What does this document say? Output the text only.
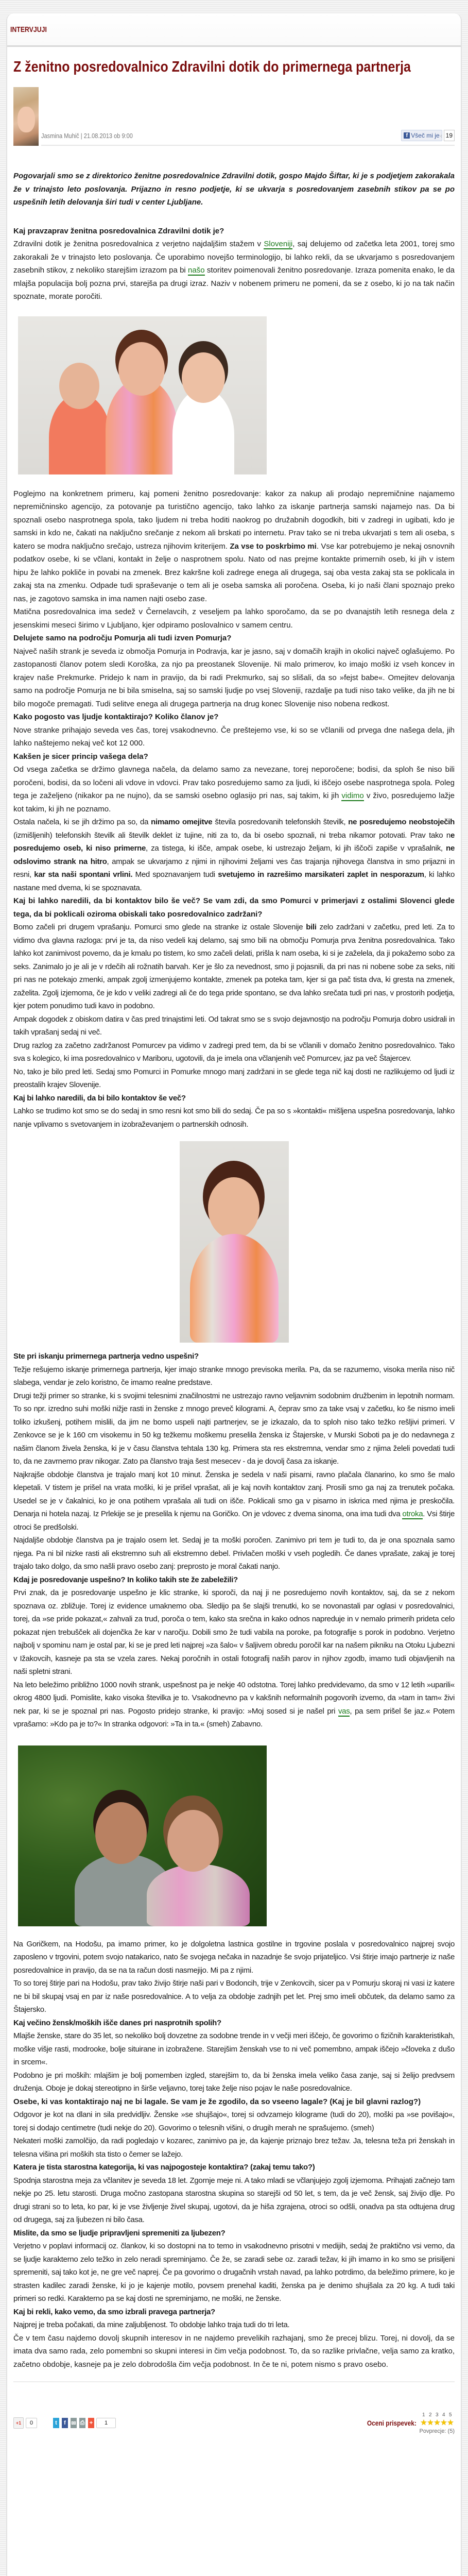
INTERVJUJI
Z ženitno posredovalnico Zdravilni dotik do primernega partnerja
Jasmina Muhič | 21.08.2013 ob 9:00	f Všeč mi je	‹ 19

Pogovarjali smo se z direktorico ženitne posredovalnice Zdravilni dotik, gospo Majdo Šiftar, ki je s podjetjem zakorakala že v trinajsto leto poslovanja. Prijazno in resno podjetje, ki se ukvarja s posredovanjem zasebnih stikov pa se po uspešnih letih delovanja širi tudi v center Ljubljane.

Kaj pravzaprav ženitna posredovalnica Zdravilni dotik je?

Zdravilni dotik je ženitna posredovalnica z verjetno najdaljšim stažem v Sloveniji, saj delujemo od začetka leta 2001, torej smo zakorakali že v trinajsto leto poslovanja. Če uporabimo novejšo terminologijo, bi lahko rekli, da se ukvarjamo s posredovanjem zasebnih stikov, z nekoliko starejšim izrazom pa bi našo storitev poimenovali ženitno posredovanje. Izraza pomenita enako, le da mlajša populacija bolj pozna prvi, starejša pa drugi izraz. Naziv v nobenem primeru ne pomeni, da se z osebo, ki jo na tak način spoznate, morate poročiti.

Poglejmo na konkretnem primeru, kaj pomeni ženitno posredovanje: kakor za nakup ali prodajo nepremičnine najamemo nepremičninsko agencijo, za potovanje pa turistično agencijo, tako lahko za iskanje partnerja samski najamejo nas. Da bi spoznali osebo nasprotnega spola, tako ljudem ni treba hoditi naokrog po družabnih dogodkih, biti v zadregi in ugibati, kdo je samski in kdo ne, čakati na naključno srečanje z nekom ali brskati po internetu. Prav tako se ni treba ukvarjati s tem ali oseba, s katero se modra naključno srečajo, ustreza njihovim kriterijem. Za vse to poskrbimo mi. Vse kar potrebujemo je nekaj osnovnih podatkov osebe, ki se včlani, kontakt in želje o nasprotnem spolu. Nato od nas prejme kontakte primernih oseb, ki jih v istem hipu že lahko pokliče in povabi na zmenek. Brez kakršne koli zadrege enega ali drugega, saj oba vesta zakaj sta se poklicala in zakaj sta na zmenku. Odpade tudi spraševanje o tem ali je oseba samska ali poročena. Oseba, ki jo naši člani spoznajo preko nas, je zagotovo samska in ima namen najti osebo zase.

Matična posredovalnica ima sedež v Černelavcih, z veseljem pa lahko sporočamo, da se po dvanajstih letih resnega dela z jesenskimi meseci širimo v Ljubljano, kjer odpiramo poslovalnico v samem centru.

Delujete samo na področju Pomurja ali tudi izven Pomurja?

Največ naših strank je seveda iz območja Pomurja in Podravja, kar je jasno, saj v domačih krajih in okolici največ oglašujemo. Po zastopanosti članov potem sledi Koroška, za njo pa preostanek Slovenije. Ni malo primerov, ko imajo moški iz vseh koncev in krajev naše Prekmurke. Pridejo k nam in pravijo, da bi radi Prekmurko, saj so slišali, da so »fejst babe«. Omejitev delovanja samo na področje Pomurja ne bi bila smiselna, saj so samski ljudje po vsej Sloveniji, razdalje pa tudi niso tako velike, da jih ne bi bilo mogoče premagati. Tudi selitve enega ali drugega partnerja na drug konec Slovenije niso nobena redkost.

Kako pogosto vas ljudje kontaktirajo? Koliko članov je?

Nove stranke prihajajo seveda ves čas, torej vsakodnevno. Če preštejemo vse, ki so se včlanili od prvega dne našega dela, jih lahko naštejemo nekaj več kot 12 000.

Kakšen je sicer princip vašega dela?

Od vsega začetka se držimo glavnega načela, da delamo samo za nevezane, torej neporočene; bodisi, da sploh še niso bili poročeni, bodisi, da so ločeni ali vdove in vdovci. Prav tako posredujemo samo za ljudi, ki iščejo osebe nasprotnega spola. Poleg tega je zaželjeno (nikakor pa ne nujno), da se samski osebno oglasijo pri nas, saj takim, ki jih vidimo v živo, posredujemo lažje kot takim, ki jih ne poznamo.

Ostala načela, ki se jih držimo pa so, da nimamo omejitve števila posredovanih telefonskih številk, ne posredujemo neobstoječih (izmišljenih) telefonskih številk ali številk deklet iz tujine, niti za to, da bi osebo spoznali, ni treba nikamor potovati. Prav tako ne posredujemo oseb, ki niso primerne, za tistega, ki išče, ampak osebe, ki ustrezajo željam, ki jih iščoči zapiše v vprašalnik, ne odslovimo strank na hitro, ampak se ukvarjamo z njimi in njihovimi željami ves čas trajanja njihovega članstva in smo prijazni in resni, kar sta naši spontani vrlini. Med spoznavanjem tudi svetujemo in razrešimo marsikateri zaplet in nesporazum, ki lahko nastane med dvema, ki se spoznavata.

Kaj bi lahko naredili, da bi kontaktov bilo še več? Se vam zdi, da smo Pomurci v primerjavi z ostalimi Slovenci glede tega, da bi poklicali oziroma obiskali tako posredovalnico zadržani?

Bomo začeli pri drugem vprašanju. Pomurci smo glede na stranke iz ostale Slovenije bili zelo zadržani v začetku, pred leti. Za to vidimo dva glavna razloga: prvi je ta, da niso vedeli kaj delamo, saj smo bili na območju Pomurja prva ženitna posredovalnica. Tako lahko kot zanimivost povemo, da je kmalu po tistem, ko smo začeli delati, prišla k nam oseba, ki si je zaželela, da ji pokažemo sobo za seks. Zanimalo jo je ali je v rdečih ali rožnatih barvah. Ker je šlo za nevednost, smo ji pojasnili, da pri nas ni nobene sobe za seks, niti pri nas ne potekajo zmenki, ampak zgolj izmenjujemo kontakte, zmenek pa poteka tam, kjer si ga pač tista dva, ki gresta na zmenek, zaželita. Zgolj izjemoma, če je kdo v veliki zadregi ali če do tega pride spontano, se dva lahko srečata tudi pri nas, v prostorih podjetja, kjer potem ponudimo tudi kavo in podobno.

Ampak dogodek z obiskom datira v čas pred trinajstimi leti. Od takrat smo se s svojo dejavnostjo na področju Pomurja dobro usidrali in takih vprašanj sedaj ni več.

Drug razlog za začetno zadržanost Pomurcev pa vidimo v zadregi pred tem, da bi se včlanili v domačo ženitno posredovalnico. Tako sva s kolegico, ki ima posredovalnico v Mariboru, ugotovili, da je imela ona včlanjenih več Pomurcev, jaz pa več Štajercev.

No, tako je bilo pred leti. Sedaj smo Pomurci in Pomurke mnogo manj zadržani in se glede tega nič kaj dosti ne razlikujemo od ljudi iz preostalih krajev Slovenije.

Kaj bi lahko naredili, da bi bilo kontaktov še več?

Lahko se trudimo kot smo se do sedaj in smo resni kot smo bili do sedaj. Če pa so s »kontakti« mišljena uspešna posredovanja, lahko nanje vplivamo s svetovanjem in izobraževanjem o partnerskih odnosih.

Ste pri iskanju primernega partnerja vedno uspešni?

Težje rešujemo iskanje primernega partnerja, kjer imajo stranke mnogo previsoka merila. Pa, da se razumemo, visoka merila niso nič slabega, vendar je zelo koristno, če imamo realne predstave.

Drugi težji primer so stranke, ki s svojimi telesnimi značilnostmi ne ustrezajo ravno veljavnim sodobnim družbenim in lepotnih normam. To so npr. izredno suhi moški nižje rasti in ženske z mnogo preveč kilogrami. A, čeprav smo za take vsaj v začetku, ko še nismo imeli toliko izkušenj, potihem mislili, da jim ne bomo uspeli najti partnerjev, se je izkazalo, da to sploh niso tako težko rešljivi primeri. V Zenkovce se je k 160 cm visokemu in 50 kg težkemu moškemu preselila ženska iz Štajerske, v Murski Soboti pa je do nedavnega z našim članom živela ženska, ki je v času članstva tehtala 130 kg. Primera sta res ekstremna, vendar smo z njima želeli povedati tudi to, da ne zavrnemo prav nikogar. Zato pa članstvo traja šest mesecev - da je dovolj časa za iskanje.

Najkrajše obdobje članstva je trajalo manj kot 10 minut. Ženska je sedela v naši pisarni, ravno plačala članarino, ko smo še malo klepetali. V tistem je prišel na vrata moški, ki je prišel vprašat, ali je kaj novih kontaktov zanj. Prosili smo ga naj za trenutek počaka. Usedel se je v čakalnici, ko je ona potihem vprašala ali tudi on išče. Poklicali smo ga v pisarno in iskrica med njima je preskočila. Denarja ni hotela nazaj. Iz Prlekije se je preselila k njemu na Goričko. On je vdovec z dvema sinoma, ona ima tudi dva otroka. Vsi štirje otroci še predšolski.

Najdaljše obdobje članstva pa je trajalo osem let. Sedaj je ta moški poročen. Zanimivo pri tem je tudi to, da je ona spoznala samo njega. Pa ni bil nizke rasti ali ekstremno suh ali ekstremno debel. Privlačen moški v vseh pogledih. Če danes vprašate, zakaj je torej trajalo tako dolgo, da smo našli pravo osebo zanj: preprosto je moral čakati nanjo.

Kdaj je posredovanje uspešno? In koliko takih ste že zabeležili?

Prvi znak, da je posredovanje uspešno je klic stranke, ki sporoči, da naj ji ne posredujemo novih kontaktov, saj, da se z nekom spoznava oz. zbližuje. Torej iz evidence umaknemo oba. Sledijo pa še slajši trenutki, ko se novonastali par oglasi v posredovalnici, torej, da »se pride pokazat,« zahvali za trud, poroča o tem, kako sta srečna in kako odnos napreduje in v nemalo primerih prideta celo pokazat njen trebušček ali dojenčka že kar v naročju. Dobili smo že tudi vabila na poroke, pa fotografije s porok in podobno. Verjetno najbolj v spominu nam je ostal par, ki se je pred leti najprej »za šalo« v šaljivem obredu poročil kar na našem pikniku na Otoku Ljubezni v Ižakovcih, kasneje pa sta se vzela zares. Nekaj poročnih in ostali fotografij naših parov in njihov zgodb, imamo tudi objavljenih na naši spletni strani.

Na leto beležimo približno 1000 novih strank, uspešnost pa je nekje 40 odstotna. Torej lahko predvidevamo, da smo v 12 letih »uparili« okrog 4800 ljudi. Pomislite, kako visoka številka je to. Vsakodnevno pa v kakšnih neformalnih pogovorih izvemo, da »tam in tam« živi nek par, ki se je spoznal pri nas. Pogosto pridejo stranke, ki pravijo: »Moj sosed si je našel pri vas, pa sem prišel še jaz.« Potem vprašamo: »Kdo pa je to?« In stranka odgovori: »Ta in ta.« (smeh) Zabavno.

Na Goričkem, na Hodošu, pa imamo primer, ko je dolgoletna lastnica gostilne in trgovine poslala v posredovalnico najprej svojo zaposleno v trgovini, potem svojo natakarico, nato še svojega nečaka in nazadnje še svojo prijateljico. Vsi štirje imajo partnerje iz naše posredovalnice in pravijo, da se na ta račun dosti nasmejijo. Mi pa z njimi.

To so torej štirje pari na Hodošu, prav tako živijo štirje naši pari v Bodoncih, trije v Zenkovcih, sicer pa v Pomurju skoraj ni vasi iz katere ne bi bil skupaj vsaj en par iz naše posredovalnice. A to velja za obdobje zadnjih pet let. Prej smo imeli občutek, da delamo samo za Štajersko.

Kaj večino žensk/moških išče danes pri nasprotnih spolih?

Mlajše ženske, stare do 35 let, so nekoliko bolj dovzetne za sodobne trende in v večji meri iščejo, če govorimo o fizičnih karakteristikah, moške višje rasti, modrooke, bolje situirane in izobražene. Starejšim ženskah vse to ni več pomembno, ampak iščejo »človeka z dušo in srcem«.

Podobno je pri moških: mlajšim je bolj pomemben izgled, starejšim to, da bi ženska imela veliko časa zanje, saj si želijo predvsem druženja. Oboje je dokaj stereotipno in širše veljavno, torej take želje niso pojav le naše posredovalnice.

Osebe, ki vas kontaktirajo naj ne bi lagale. Se vam je že zgodilo, da so vseeno lagale? (Kaj je bil glavni razlog?)

Odgovor je kot na dlani in sila predvidljiv. Ženske »se shujšajo«, torej si odvzamejo kilograme (tudi do 20), moški pa »se povišajo«, torej si dodajo centimetre (tudi nekje do 20). Govorimo o telesnih višini, o drugih merah ne sprašujemo. (smeh)

Nekateri moški zamolčijo, da radi pogledajo v kozarec, zanimivo pa je, da kajenje priznajo brez težav. Ja, telesna teža pri ženskah in telesna višina pri moških sta tisto o čemer se lažejo.

Katera je tista starostna kategorija, ki vas najpogosteje kontaktira? (zakaj temu tako?)

Spodnja starostna meja za včlanitev je seveda 18 let. Zgornje meje ni. A tako mladi se včlanjujejo zgolj izjemoma. Prihajati začnejo tam nekje po 25. letu starosti. Druga močno zastopana starostna skupina so starejši od 50 let, s tem, da je več žensk, saj živijo dlje. Po drugi strani so to leta, ko par, ki je vse življenje živel skupaj, ugotovi, da je hiša zgrajena, otroci so odšli, onadva pa sta odtujena drug od drugega, saj za ljubezen ni bilo časa.

Mislite, da smo se ljudje pripravljeni spremeniti za ljubezen?

Verjetno v poplavi informacij oz. člankov, ki so dostopni na to temo in vsakodnevno prisotni v medijih, sedaj že praktično vsi vemo, da se ljudje karakterno zelo težko in zelo neradi spreminjamo. Če že, se zaradi sebe oz. zaradi težav, ki jih imamo in ko smo se prisiljeni spremeniti, saj tako kot je, ne gre več naprej. Če pa govorimo o drugačnih vrstah navad, pa lahko potrdimo, da beležimo primere, ko je strasten kadilec zaradi ženske, ki jo je kajenje motilo, povsem prenehal kaditi, ženska pa je denimo shujšala za 20 kg. A tudi taki primeri so redki. Karakterno pa se kaj dosti ne spreminjamo, ne moški, ne ženske.

Kaj bi rekli, kako vemo, da smo izbrali pravega partnerja?

Najprej je treba počakati, da mine zaljubljenost. To obdobje lahko traja tudi do tri leta.

Če v tem času najdemo dovolj skupnih interesov in ne najdemo prevelikih razhajanj, smo že precej blizu. Torej, ni dovolj, da se imata dva samo rada, zelo pomembni so skupni interesi in čim večja podobnost. To, da so razlike privlačne, velja samo za kratko, začetno obdobje, kasneje pa je zelo dobrodošla čim večja podobnost. In če te ni, potem nismo s pravo osebo.

+1	0	t	f ✉ ⎙ +	1	Oceni prispevek:
1 2 3 4 5
★ ★ ★ ★ ★
Povprecje: (5)
